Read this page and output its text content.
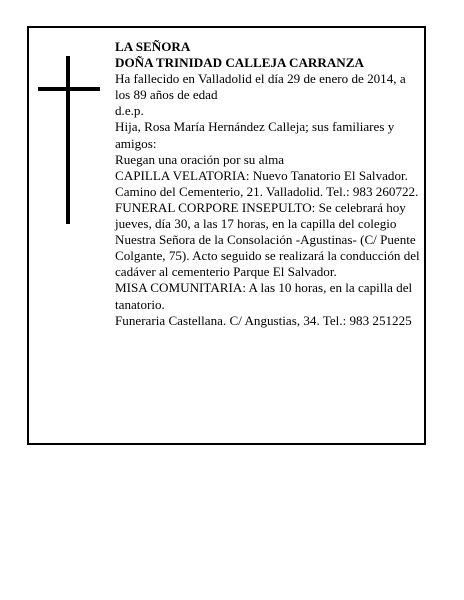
LA SEÑORA

DOÑA TRINIDAD CALLEJA CARRANZA

Ha fallecido en Valladolid el día 29 de enero de 2014, a los 89 años de edad

d.e.p.

Hija, Rosa María Hernández Calleja; sus familiares y amigos:

Ruegan una oración por su alma

CAPILLA VELATORIA: Nuevo Tanatorio El Salvador. Camino del Cementerio, 21. Valladolid. Tel.: 983 260722.

FUNERAL CORPORE INSEPULTO: Se celebrará hoy jueves, día 30, a las 17 horas, en la capilla del colegio Nuestra Señora de la Consolación -Agustinas- (C/ Puente Colgante, 75). Acto seguido se realizará la conducción del cadáver al cementerio Parque El Salvador.

MISA COMUNITARIA: A las 10 horas, en la capilla del tanatorio.

Funeraria Castellana. C/ Angustias, 34. Tel.: 983 251225
